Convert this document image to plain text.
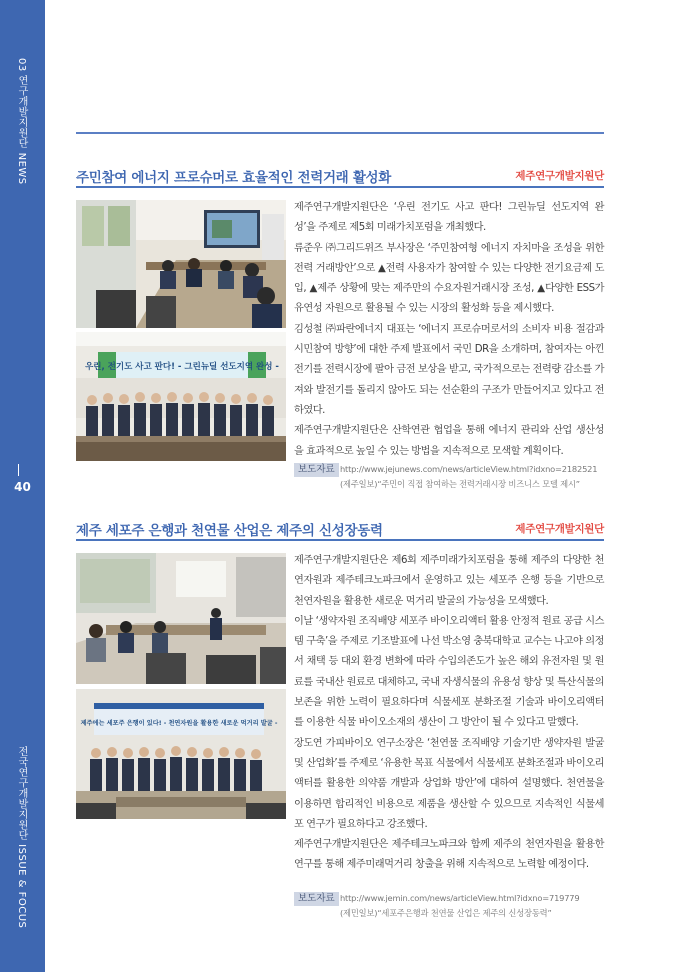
03 연구개발지원단 NEWS
40
전국연구개발지원단 ISSUE & FOCUS
주민참여 에너지 프로슈머로 효율적인 전력거래 활성화	제주연구개발지원단
우린, 전기도 사고 판다! - 그린뉴딜 선도지역 완성 -

제주연구개발지원단은 ‘우린 전기도 사고 판다! 그린뉴딜 선도지역 완성’을 주제로 제5회 미래가치포럼을 개최했다.

류준우 ㈜그리드위즈 부사장은 ‘주민참여형 에너지 자치마을 조성을 위한 전력 거래방안’으로 ▲전력 사용자가 참여할 수 있는 다양한 전기요금제 도입, ▲제주 상황에 맞는 제주만의 수요자원거래시장 조성, ▲다양한 ESS가 유연성 자원으로 활용될 수 있는 시장의 활성화 등을 제시했다.

김성철 ㈜파란에너지 대표는 ‘에너지 프로슈머로서의 소비자 비용 절감과 시민참여 방향’에 대한 주제 발표에서 국민 DR을 소개하며, 참여자는 아낀 전기를 전력시장에 팔아 금전 보상을 받고, 국가적으로는 전력량 감소를 가져와 발전기를 돌리지 않아도 되는 선순환의 구조가 만들어지고 있다고 전하였다.

제주연구개발지원단은 산학연관 협업을 통해 에너지 관리와 산업 생산성을 효과적으로 높일 수 있는 방법을 지속적으로 모색할 계획이다.

보도자료 http://www.jejunews.com/news/articleView.html?idxno=2182521
(제주일보)“주민이 직접 참여하는 전력거래시장 비즈니스 모델 제시”
제주 세포주 은행과 천연물 산업은 제주의 신성장동력	제주연구개발지원단
제주에는 세포주 은행이 있다! - 천연자원을 활용한 새로운 먹거리 발굴 -

제주연구개발지원단은 제6회 제주미래가치포럼을 통해 제주의 다양한 천연자원과 제주테크노파크에서 운영하고 있는 세포주 은행 등을 기반으로 천연자원을 활용한 새로운 먹거리 발굴의 가능성을 모색했다.

이날 ‘생약자원 조직배양 세포주 바이오리액터 활용 안정적 원료 공급 시스템 구축’을 주제로 기조발표에 나선 박소영 충북대학교 교수는 나고야 의정서 채택 등 대외 환경 변화에 따라 수입의존도가 높은 해외 유전자원 및 원료를 국내산 원료로 대체하고, 국내 자생식물의 유용성 향상 및 특산식물의 보존을 위한 노력이 필요하다며 식물세포 분화조절 기술과 바이오리액터를 이용한 식물 바이오소재의 생산이 그 방안이 될 수 있다고 말했다.

장도연 가피바이오 연구소장은 ‘천연물 조직배양 기술기반 생약자원 발굴 및 산업화’를 주제로 ‘유용한 목표 식물에서 식물세포 분화조절과 바이오리액터를 활용한 의약품 개발과 상업화 방안’에 대하여 설명했다. 천연물을 이용하면 합리적인 비용으로 제품을 생산할 수 있으므로 지속적인 식물세포 연구가 필요하다고 강조했다.

제주연구개발지원단은 제주테크노파크와 함께 제주의 천연자원을 활용한 연구를 통해 제주미래먹거리 창출을 위해 지속적으로 노력할 예정이다.

보도자료 http://www.jemin.com/news/articleView.html?idxno=719779
(제민일보)“세포주은행과 천연물 산업은 제주의 신성장동력”
